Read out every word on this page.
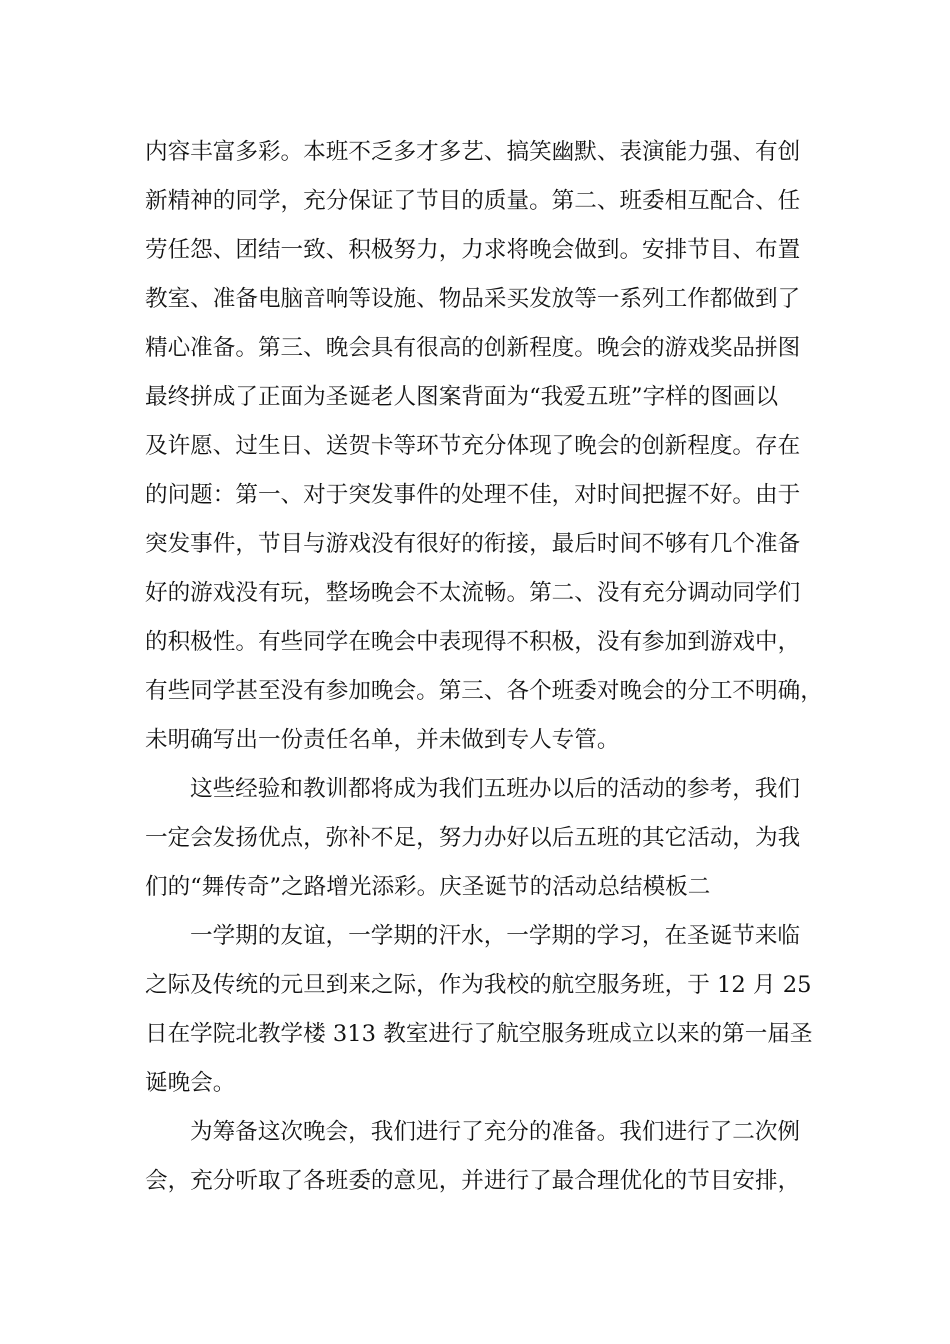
内容丰富多彩。本班不乏多才多艺、搞笑幽默、表演能力强、有创
新精神的同学，充分保证了节目的质量。第二、班委相互配合、任
劳任怨、团结一致、积极努力，力求将晚会做到。安排节目、布置
教室、准备电脑音响等设施、物品采买发放等一系列工作都做到了
精心准备。第三、晚会具有很高的创新程度。晚会的游戏奖品拼图
最终拼成了正面为圣诞老人图案背面为“我爱五班”字样的图画以
及许愿、过生日、送贺卡等环节充分体现了晚会的创新程度。存在
的问题：第一、对于突发事件的处理不佳，对时间把握不好。由于
突发事件，节目与游戏没有很好的衔接，最后时间不够有几个准备
好的游戏没有玩，整场晚会不太流畅。第二、没有充分调动同学们
的积极性。有些同学在晚会中表现得不积极，没有参加到游戏中，
有些同学甚至没有参加晚会。第三、各个班委对晚会的分工不明确，
未明确写出一份责任名单，并未做到专人专管。
这些经验和教训都将成为我们五班办以后的活动的参考，我们
一定会发扬优点，弥补不足，努力办好以后五班的其它活动，为我
们的“舞传奇”之路增光添彩。庆圣诞节的活动总结模板二
一学期的友谊，一学期的汗水，一学期的学习，在圣诞节来临
之际及传统的元旦到来之际，作为我校的航空服务班，于 12 月 25
日在学院北教学楼 313 教室进行了航空服务班成立以来的第一届圣
诞晚会。
为筹备这次晚会，我们进行了充分的准备。我们进行了二次例
会，充分听取了各班委的意见，并进行了最合理优化的节目安排，
